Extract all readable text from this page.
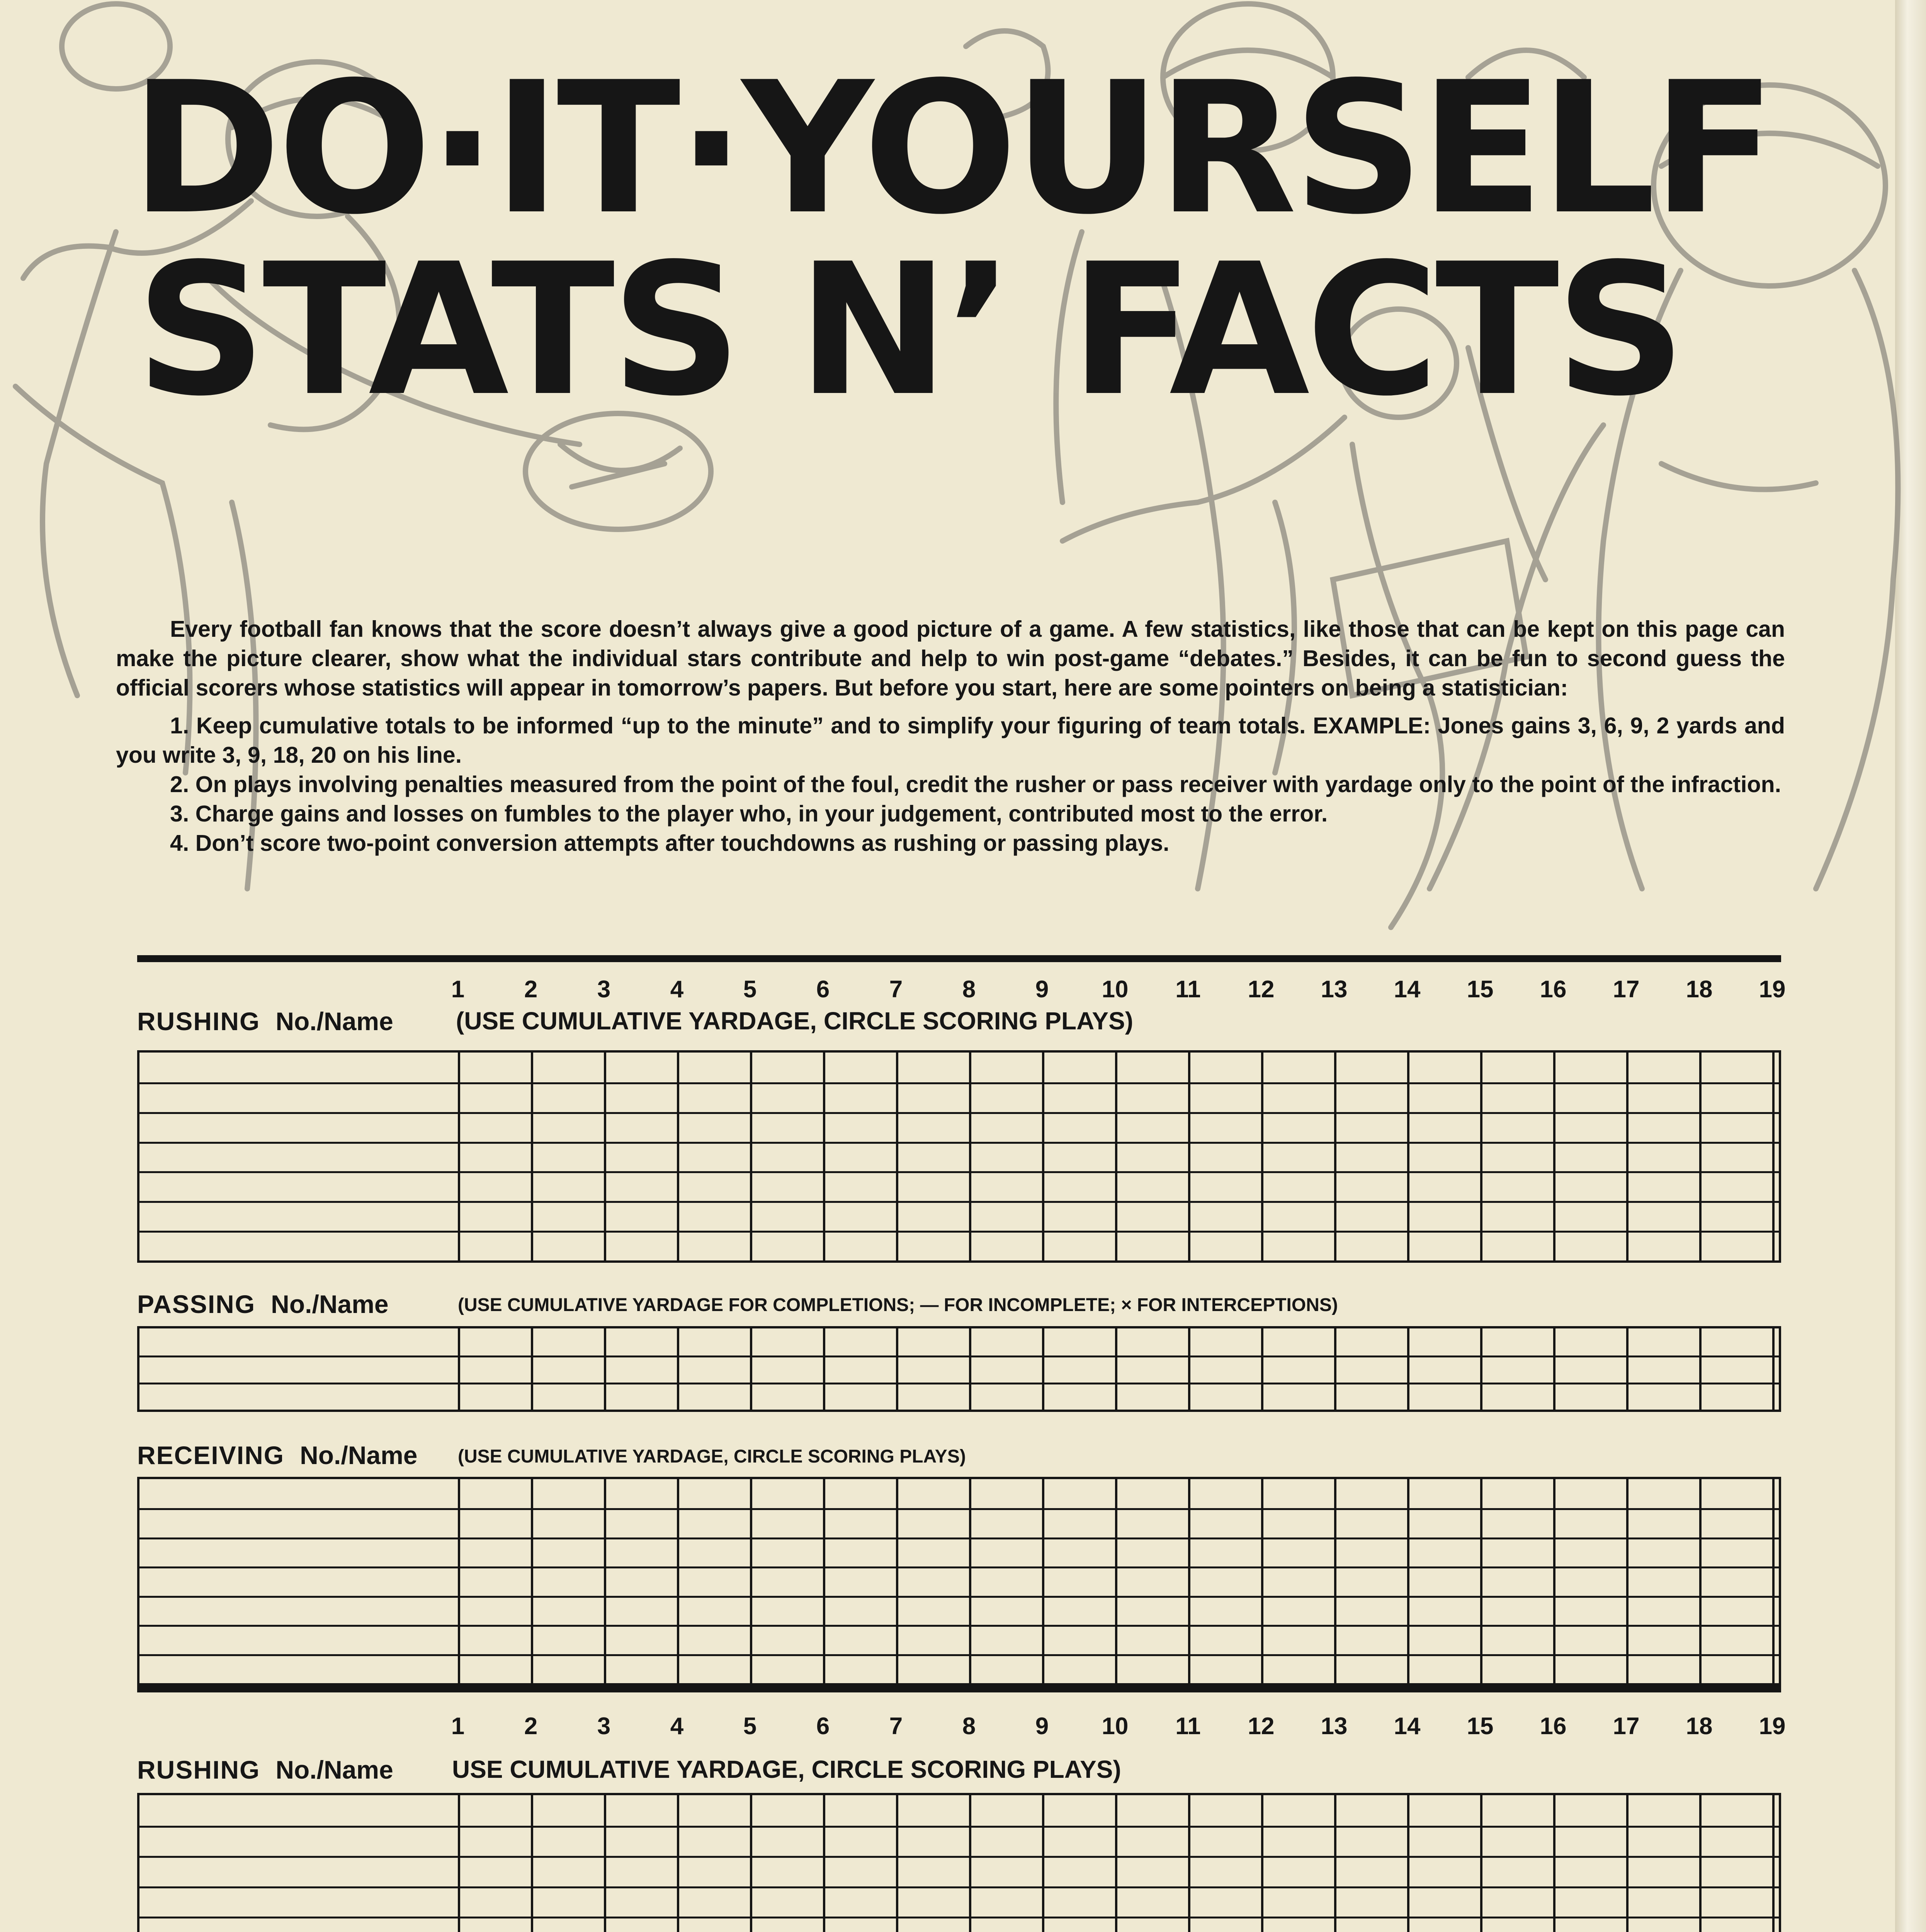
DO·IT·YOURSELF
STATS N’ FACTS

Every football fan knows that the score doesn’t always give a good picture of a game. A few statistics, like those that can be kept on this page can make the picture clearer, show what the individual stars contribute and help to win post-game “debates.” Besides, it can be fun to second guess the official scorers whose statistics will appear in tomorrow’s papers. But before you start, here are some pointers on being a statistician:

1. Keep cumulative totals to be informed “up to the minute” and to simplify your figuring of team totals. EXAMPLE: Jones gains 3, 6, 9, 2 yards and you write 3, 9, 18, 20 on his line.

2. On plays involving penalties measured from the point of the foul, credit the rusher or pass receiver with yardage only to the point of the infraction.

3. Charge gains and losses on fumbles to the player who, in your judgement, contributed most to the error.

4. Don’t score two-point conversion attempts after touchdowns as rushing or passing plays.

RUSHING No./Name	(USE CUMULATIVE YARDAGE, CIRCLE SCORING PLAYS)
PASSING No./Name	(USE CUMULATIVE YARDAGE FOR COMPLETIONS; — FOR INCOMPLETE; × FOR INTERCEPTIONS)
RECEIVING No./Name (USE CUMULATIVE YARDAGE, CIRCLE SCORING PLAYS)
RUSHING No./Name USE CUMULATIVE YARDAGE, CIRCLE SCORING PLAYS)
1 2 3 4 5 6 7 8 9 10 11 12 13 14 15 16 17 18 19
1 2 3 4 5 6 7 8 9 10 11 12 13 14 15 16 17 18 19
